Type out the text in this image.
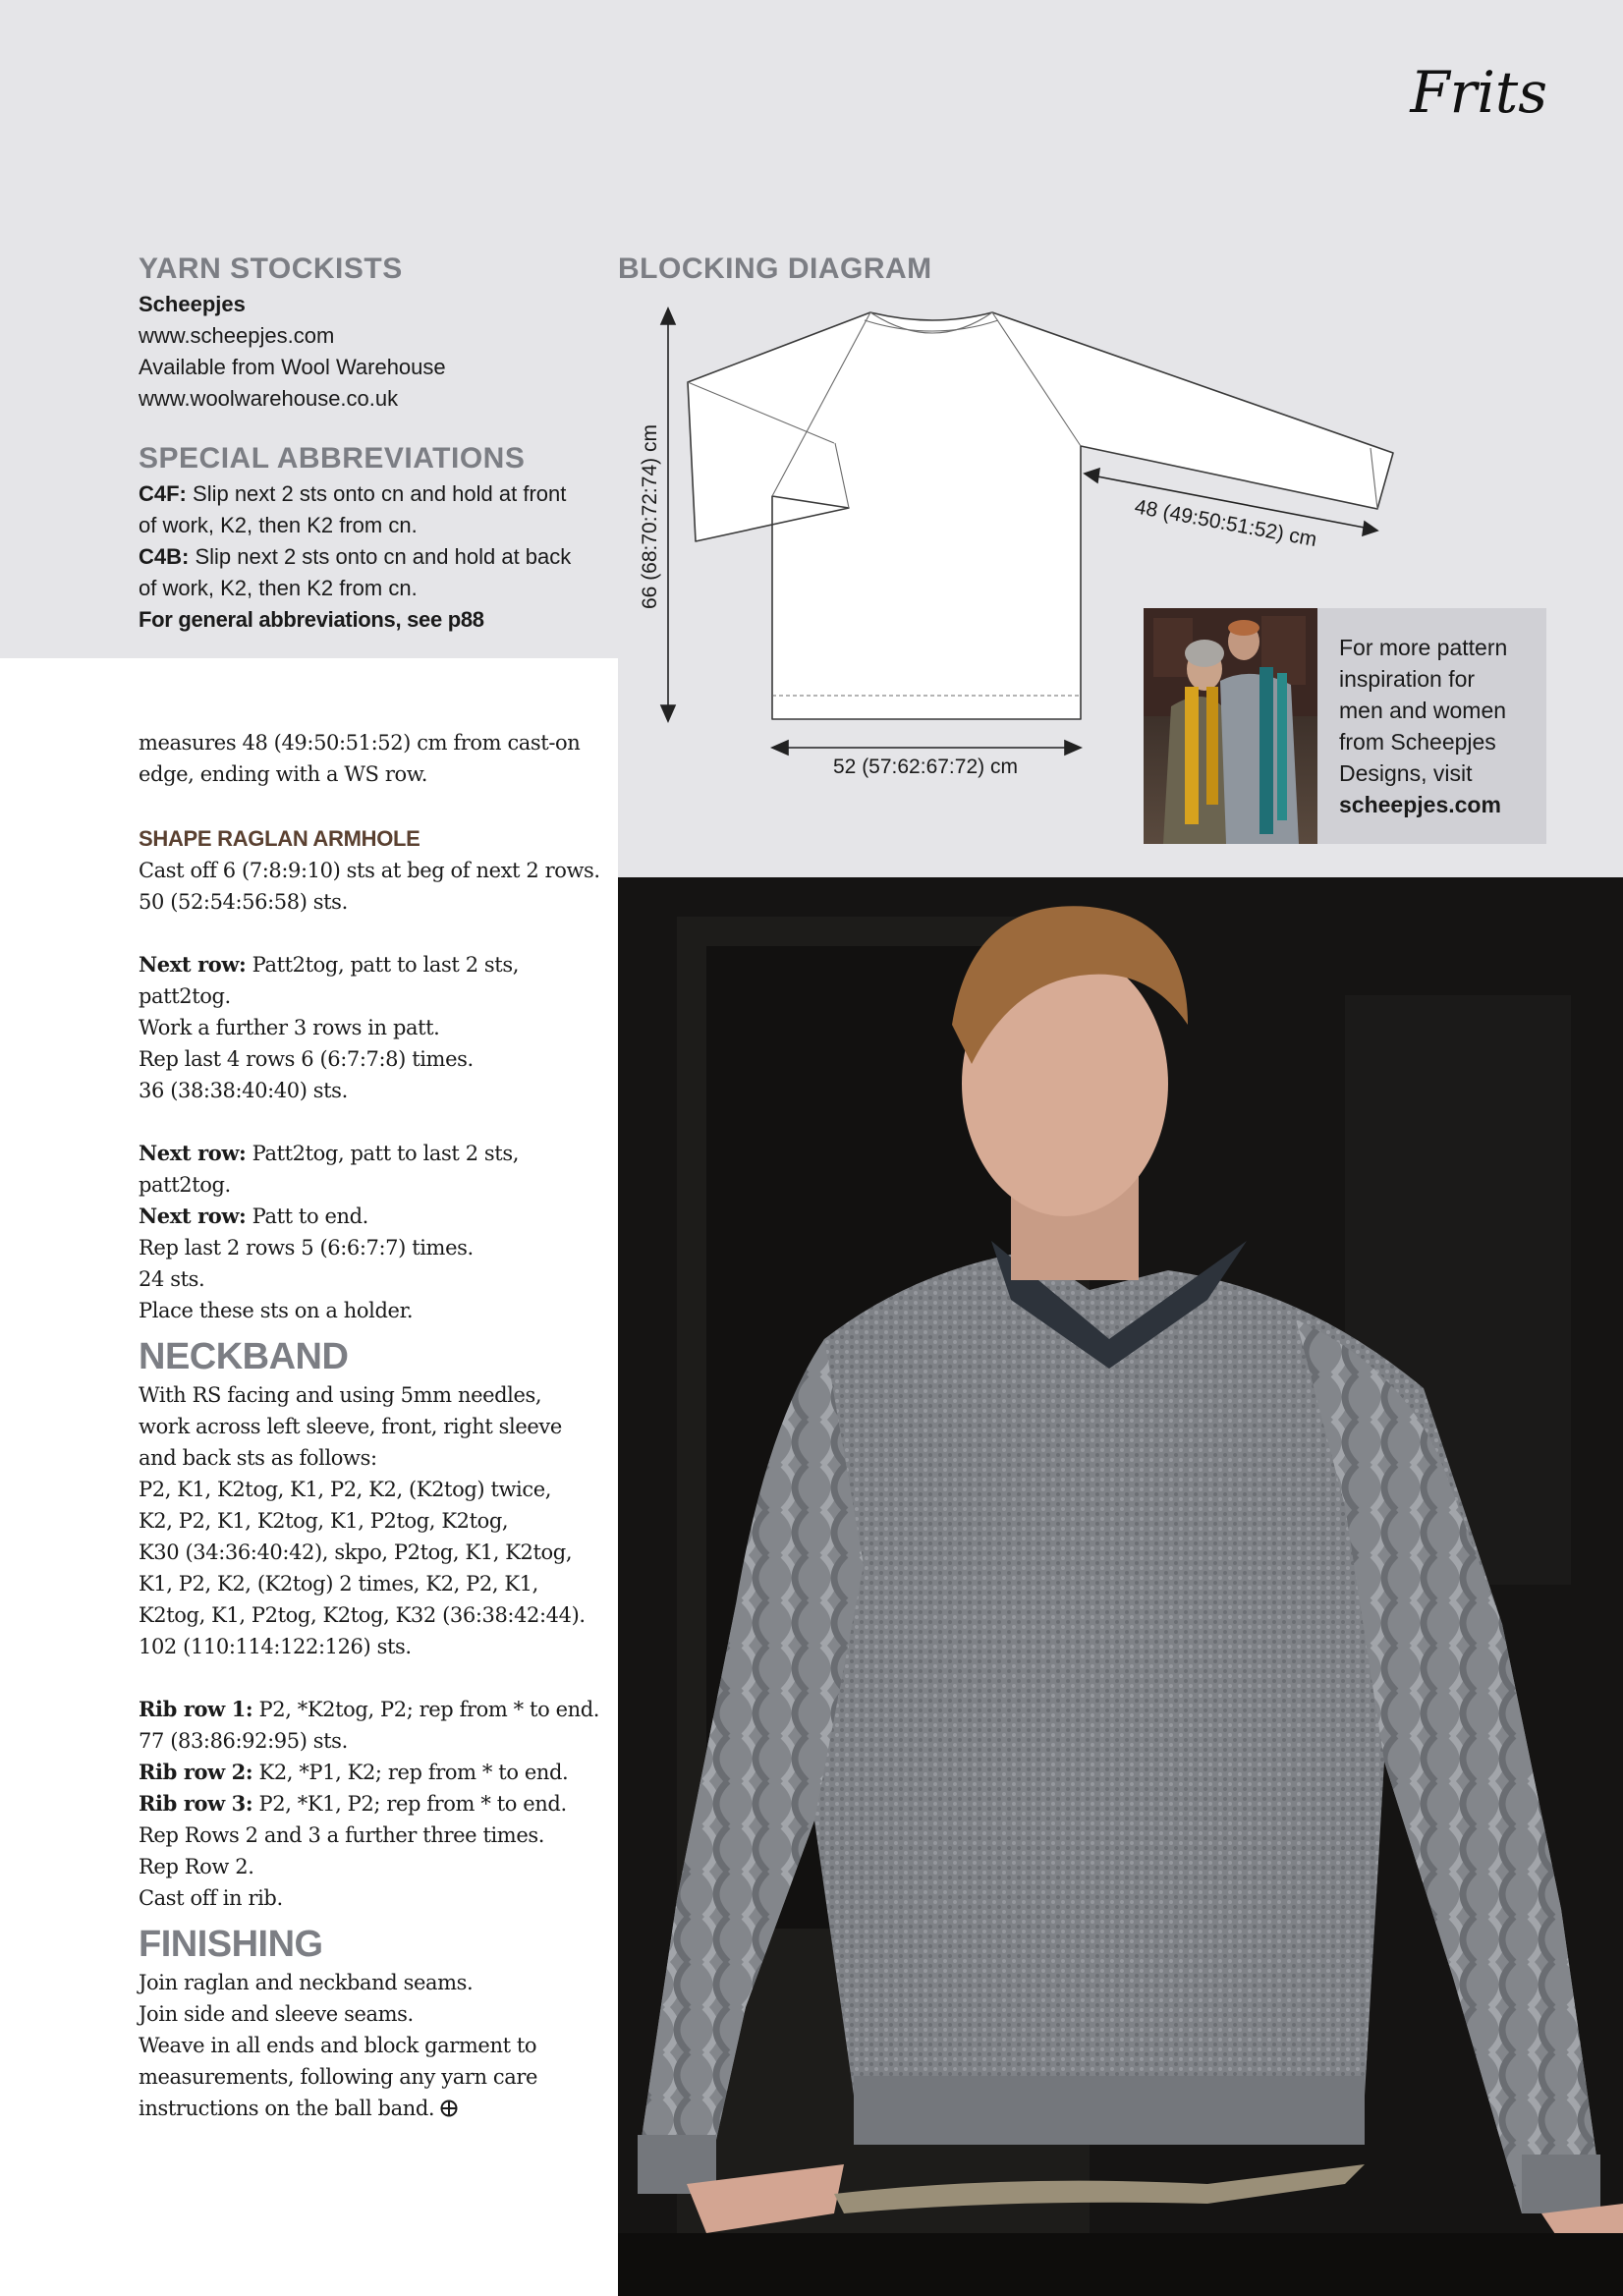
Frits
YARN STOCKISTS
Scheepjes
www.scheepjes.com
Available from Wool Warehouse
www.woolwarehouse.co.uk
SPECIAL ABBREVIATIONS
C4F: Slip next 2 sts onto cn and hold at front
of work, K2, then K2 from cn.
C4B: Slip next 2 sts onto cn and hold at back
of work, K2, then K2 from cn.
For general abbreviations, see p88
BLOCKING DIAGRAM
66 (68:70:72:74) cm
52 (57:62:67:72) cm
48 (49:50:51:52) cm
For more pattern
inspiration for
men and women
from Scheepjes
Designs, visit
scheepjes.com
measures 48 (49:50:51:52) cm from cast-on
edge, ending with a WS row.
SHAPE RAGLAN ARMHOLE
Cast off 6 (7:8:9:10) sts at beg of next 2 rows.
50 (52:54:56:58) sts.
Next row: Patt2tog, patt to last 2 sts,
patt2tog.
Work a further 3 rows in patt.
Rep last 4 rows 6 (6:7:7:8) times.
36 (38:38:40:40) sts.
Next row: Patt2tog, patt to last 2 sts,
patt2tog.
Next row: Patt to end.
Rep last 2 rows 5 (6:6:7:7) times.
24 sts.
Place these sts on a holder.
NECKBAND
With RS facing and using 5mm needles,
work across left sleeve, front, right sleeve
and back sts as follows:
P2, K1, K2tog, K1, P2, K2, (K2tog) twice,
K2, P2, K1, K2tog, K1, P2tog, K2tog,
K30 (34:36:40:42), skpo, P2tog, K1, K2tog,
K1, P2, K2, (K2tog) 2 times, K2, P2, K1,
K2tog, K1, P2tog, K2tog, K32 (36:38:42:44).
102 (110:114:122:126) sts.
Rib row 1: P2, *K2tog, P2; rep from * to end.
77 (83:86:92:95) sts.
Rib row 2: K2, *P1, K2; rep from * to end.
Rib row 3: P2, *K1, P2; rep from * to end.
Rep Rows 2 and 3 a further three times.
Rep Row 2.
Cast off in rib.
FINISHING
Join raglan and neckband seams.
Join side and sleeve seams.
Weave in all ends and block garment to
measurements, following any yarn care
instructions on the ball band.
